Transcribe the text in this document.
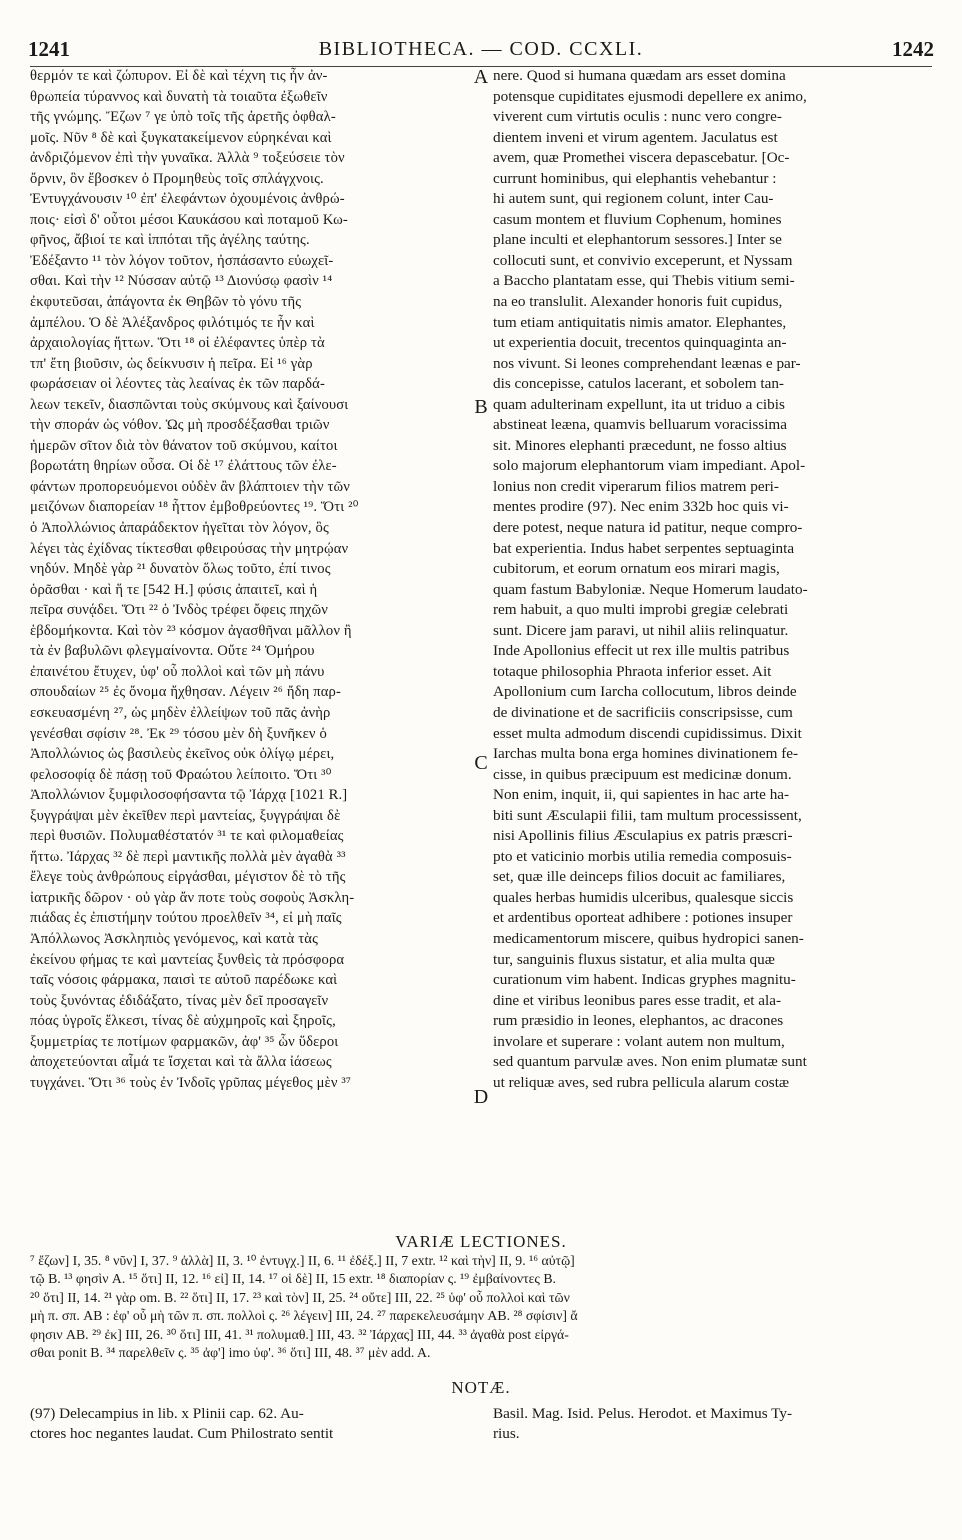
1241	BIBLIOTHECA. — COD. CCXLI.	1242
θερμόν τε καὶ ζώπυρον. Εἰ δὲ καὶ τέχνη τις ἦν ἀν-
θρωπεία τύραννος καὶ δυνατὴ τὰ τοιαῦτα ἐξωθεῖν
τῆς γνώμης. Ἔζων ⁷ γε ὑπὸ τοῖς τῆς ἀρετῆς ὀφθαλ-
μοῖς. Νῦν ⁸ δὲ καὶ ξυγκατακείμενον εὑρηκέναι καὶ
ἀνδριζόμενον ἐπὶ τὴν γυναῖκα. Ἀλλὰ ⁹ τοξεύσειε τὸν
ὄρνιν, ὃν ἔβοσκεν ὁ Προμηθεὺς τοῖς σπλάγχνοις.
Ἐντυγχάνουσιν ¹⁰ ἐπ' ἐλεφάντων ὀχουμένοις ἀνθρώ-
ποις· εἰσὶ δ' οὗτοι μέσοι Καυκάσου καὶ ποταμοῦ Κω-
φῆνος, ἄβιοί τε καὶ ἱππόται τῆς ἀγέλης ταύτης.
Ἐδέξαντο ¹¹ τὸν λόγον τοῦτον, ἠσπάσαντο εὐωχεῖ-
σθαι. Καὶ τὴν ¹² Νύσσαν αὐτῷ ¹³ Διονύσῳ φασὶν ¹⁴
ἐκφυτεῦσαι, ἀπάγοντα ἐκ Θηβῶν τὸ γόνυ τῆς
ἀμπέλου. Ὁ δὲ Ἀλέξανδρος φιλότιμός τε ἦν καὶ
ἀρχαιολογίας ἥττων. Ὅτι ¹⁸ οἱ ἐλέφαντες ὑπὲρ τὰ
τπ' ἔτη βιοῦσιν, ὡς δείκνυσιν ἡ πεῖρα. Εἰ ¹⁶ γὰρ
φωράσειαν οἱ λέοντες τὰς λεαίνας ἐκ τῶν παρδά-
λεων τεκεῖν, διασπῶνται τοὺς σκύμνους καὶ ξαίνουσι
τὴν σποράν ὡς νόθον. Ὡς μὴ προσδέξασθαι τριῶν
ἡμερῶν σῖτον διὰ τὸν θάνατον τοῦ σκύμνου, καίτοι
βορωτάτη θηρίων οὖσα. Οἱ δὲ ¹⁷ ἐλάττους τῶν ἐλε-
φάντων προπορευόμενοι οὐδὲν ἂν βλάπτοιεν τὴν τῶν
μειζόνων διαπορείαν ¹⁸ ἧττον ἐμβοθρεύοντες ¹⁹. Ὅτι ²⁰
ὁ Ἀπολλώνιος ἀπαράδεκτον ἡγεῖται τὸν λόγον, ὃς
λέγει τὰς ἐχίδνας τίκτεσθαι φθειρούσας τὴν μητρῴαν
νηδύν. Μηδὲ γὰρ ²¹ δυνατὸν ὅλως τοῦτο, ἐπί τινος
ὁρᾶσθαι · καὶ ἥ τε [542 H.] φύσις ἀπαιτεῖ, καὶ ἡ
πεῖρα συνᾴδει. Ὅτι ²² ὁ Ἰνδὸς τρέφει ὄφεις πηχῶν
ἑβδομήκοντα. Καὶ τὸν ²³ κόσμον ἀγασθῆναι μᾶλλον ἢ
τὰ ἐν βαβυλῶνι φλεγμαίνοντα. Οὔτε ²⁴ Ὁμήρου
ἐπαινέτου ἔτυχεν, ὑφ' οὗ πολλοὶ καὶ τῶν μὴ πάνυ
σπουδαίων ²⁵ ἐς ὄνομα ἤχθησαν. Λέγειν ²⁶ ἤδη παρ-
εσκευασμένη ²⁷, ὡς μηδὲν ἐλλείψων τοῦ πᾶς ἀνὴρ
γενέσθαι σφίσιν ²⁸. Ἐκ ²⁹ τόσου μὲν δὴ ξυνῆκεν ὁ
Ἀπολλώνιος ὡς βασιλεὺς ἐκεῖνος οὐκ ὀλίγῳ μέρει,
φελοσοφίᾳ δὲ πάσῃ τοῦ Φραώτου λείποιτο. Ὅτι ³⁰
Ἀπολλώνιον ξυμφιλοσοφήσαντα τῷ Ἰάρχᾳ [1021 R.]
ξυγγράψαι μὲν ἐκεῖθεν περὶ μαντείας, ξυγγράψαι δὲ
περὶ θυσιῶν. Πολυμαθέστατόν ³¹ τε καὶ φιλομαθείας
ἥττω. Ἰάρχας ³² δὲ περὶ μαντικῆς πολλὰ μὲν ἀγαθὰ ³³
ἔλεγε τοὺς ἀνθρώπους εἰργάσθαι, μέγιστον δὲ τὸ τῆς
ἰατρικῆς δῶρον · οὐ γὰρ ἄν ποτε τοὺς σοφοὺς Ἀσκλη-
πιάδας ἐς ἐπιστήμην τούτου προελθεῖν ³⁴, εἰ μὴ παῖς
Ἀπόλλωνος Ἀσκληπιὸς γενόμενος, καὶ κατὰ τὰς
ἐκείνου φήμας τε καὶ μαντείας ξυνθεὶς τὰ πρόσφορα
ταῖς νόσοις φάρμακα, παισὶ τε αὐτοῦ παρέδωκε καὶ
τοὺς ξυνόντας ἐδιδάξατο, τίνας μὲν δεῖ προσαγεῖν
πόας ὑγροῖς ἕλκεσι, τίνας δὲ αὐχμηροῖς καὶ ξηροῖς,
ξυμμετρίας τε ποτίμων φαρμακῶν, ἀφ' ³⁵ ὧν ὕδεροι
ἀποχετεύονται αἷμά τε ἴσχεται καὶ τὰ ἄλλα ἰάσεως
τυγχάνει. Ὅτι ³⁶ τοὺς ἐν Ἰνδοῖς γρῦπας μέγεθος μὲν ³⁷
nere. Quod si humana quædam ars esset domina
potensque cupiditates ejusmodi depellere ex animo,
viverent cum virtutis oculis : nunc vero congre-
dientem inveni et virum agentem. Jaculatus est
avem, quæ Promethei viscera depascebatur. [Oc-
currunt hominibus, qui elephantis vehebantur :
hi autem sunt, qui regionem colunt, inter Cau-
casum montem et fluvium Cophenum, homines
plane inculti et elephantorum sessores.] Inter se
collocuti sunt, et convivio exceperunt, et Nyssam
a Baccho plantatam esse, qui Thebis vitium semi-
na eo translulit. Alexander honoris fuit cupidus,
tum etiam antiquitatis nimis amator. Elephantes,
ut experientia docuit, trecentos quinquaginta an-
nos vivunt. Si leones comprehendant leænas e par-
dis concepisse, catulos lacerant, et sobolem tan-
quam adulterinam expellunt, ita ut triduo a cibis
abstineat leæna, quamvis belluarum voracissima
sit. Minores elephanti præcedunt, ne fosso altius
solo majorum elephantorum viam impediant. Apol-
lonius non credit viperarum filios matrem peri-
mentes prodire (97). Nec enim 332b hoc quis vi-
dere potest, neque natura id patitur, neque compro-
bat experientia. Indus habet serpentes septuaginta
cubitorum, et eorum ornatum eos mirari magis,
quam fastum Babyloniæ. Neque Homerum laudato-
rem habuit, a quo multi improbi gregiæ celebrati
sunt. Dicere jam paravi, ut nihil aliis relinquatur.
Inde Apollonius effecit ut rex ille multis patribus
totaque philosophia Phraota inferior esset. Ait
Apollonium cum Iarcha collocutum, libros deinde
de divinatione et de sacrificiis conscripsisse, cum
esset multa admodum discendi cupidissimus. Dixit
Iarchas multa bona erga homines divinationem fe-
cisse, in quibus præcipuum est medicinæ donum.
Non enim, inquit, ii, qui sapientes in hac arte ha-
biti sunt Æsculapii filii, tam multum processissent,
nisi Apollinis filius Æsculapius ex patris præscri-
pto et vaticinio morbis utilia remedia composuis-
set, quæ ille deinceps filios docuit ac familiares,
quales herbas humidis ulceribus, qualesque siccis
et ardentibus oporteat adhibere : potiones insuper
medicamentorum miscere, quibus hydropici sanen-
tur, sanguinis fluxus sistatur, et alia multa quæ
curationum vim habent. Indicas gryphes magnitu-
dine et viribus leonibus pares esse tradit, et ala-
rum præsidio in leones, elephantos, ac dracones
involare et superare : volant autem non multum,
sed quantum parvulæ aves. Non enim plumatæ sunt
ut reliquæ aves, sed rubra pellicula alarum costæ
A
B
C
D
VARIÆ LECTIONES.
⁷ ἔζων] I, 35. ⁸ νῦν] I, 37. ⁹ ἀλλὰ] II, 3. ¹⁰ ἐντυγχ.] II, 6. ¹¹ ἐδέξ.] II, 7 extr. ¹² καὶ τὴν] II, 9. ¹⁶ αὐτῷ]
τῷ B. ¹³ φησὶν A. ¹⁵ ὅτι] II, 12. ¹⁶ εἰ] II, 14. ¹⁷ οἱ δὲ] II, 15 extr. ¹⁸ διαπορίαν ς. ¹⁹ ἐμβαίνοντες B.
²⁰ ὅτι] II, 14. ²¹ γὰρ om. B. ²² ὅτι] II, 17. ²³ καὶ τὸν] II, 25. ²⁴ οὔτε] III, 22. ²⁵ ὑφ' οὗ πολλοὶ καὶ τῶν
μὴ π. σπ. AB : ἐφ' οὗ μὴ τῶν π. σπ. πολλοὶ ς. ²⁶ λέγειν] III, 24. ²⁷ παρεκελευσάμην AB. ²⁸ σφίσιν] ἄ
φησιν AB. ²⁹ ἐκ] III, 26. ³⁰ ὅτι] III, 41. ³¹ πολυμαθ.] III, 43. ³² Ἰάρχας] III, 44. ³³ ἀγαθὰ post εἰργά-
σθαι ponit B. ³⁴ παρελθεῖν ς. ³⁵ ἀφ'] imo ὑφ'. ³⁶ ὅτι] III, 48. ³⁷ μὲν add. A.
NOTÆ.
(97) Delecampius in lib. x Plinii cap. 62. Au-
ctores hoc negantes laudat. Cum Philostrato sentit
Basil. Mag. Isid. Pelus. Herodot. et Maximus Ty-
rius.
